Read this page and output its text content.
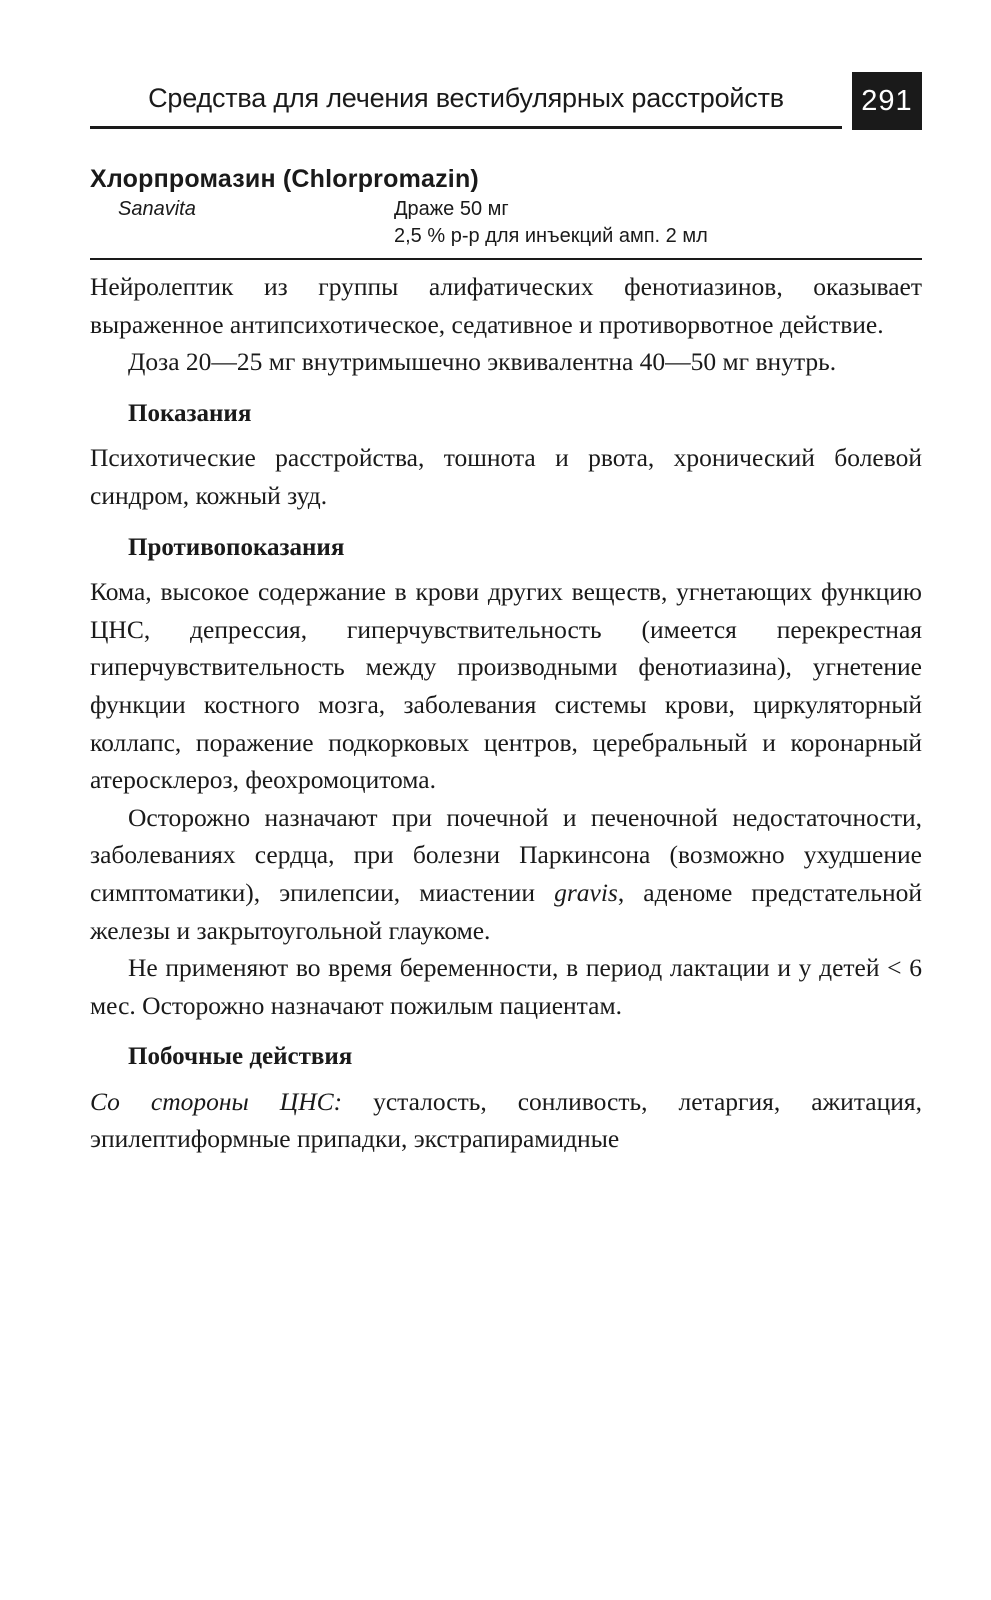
Средства для лечения вестибулярных расстройств	291
Хлорпромазин (Chlorpromazin)
Sanavita	Драже 50 мг
2,5 % р-р для инъекций амп. 2 мл

Нейролептик из группы алифатических фенотиазинов, оказывает выраженное антипсихотическое, седативное и противорвотное действие.

Доза 20—25 мг внутримышечно эквивалентна 40—50 мг внутрь.

Показания

Психотические расстройства, тошнота и рвота, хронический болевой синдром, кожный зуд.

Противопоказания

Кома, высокое содержание в крови других веществ, угнетающих функцию ЦНС, депрессия, гиперчувствительность (имеется перекрестная гиперчувствительность между производными фенотиазина), угнетение функции костного мозга, заболевания системы крови, циркуляторный коллапс, поражение подкорковых центров, церебральный и коронарный атеросклероз, феохромоцитома.

Осторожно назначают при почечной и печеночной недостаточности, заболеваниях сердца, при болезни Паркинсона (возможно ухудшение симптоматики), эпилепсии, миастении gravis, аденоме предстательной железы и закрытоугольной глаукоме.

Не применяют во время беременности, в период лактации и у детей < 6 мес. Осторожно назначают пожилым пациентам.

Побочные действия

Со стороны ЦНС: усталость, сонливость, летаргия, ажитация, эпилептиформные припадки, экстрапирамидные
